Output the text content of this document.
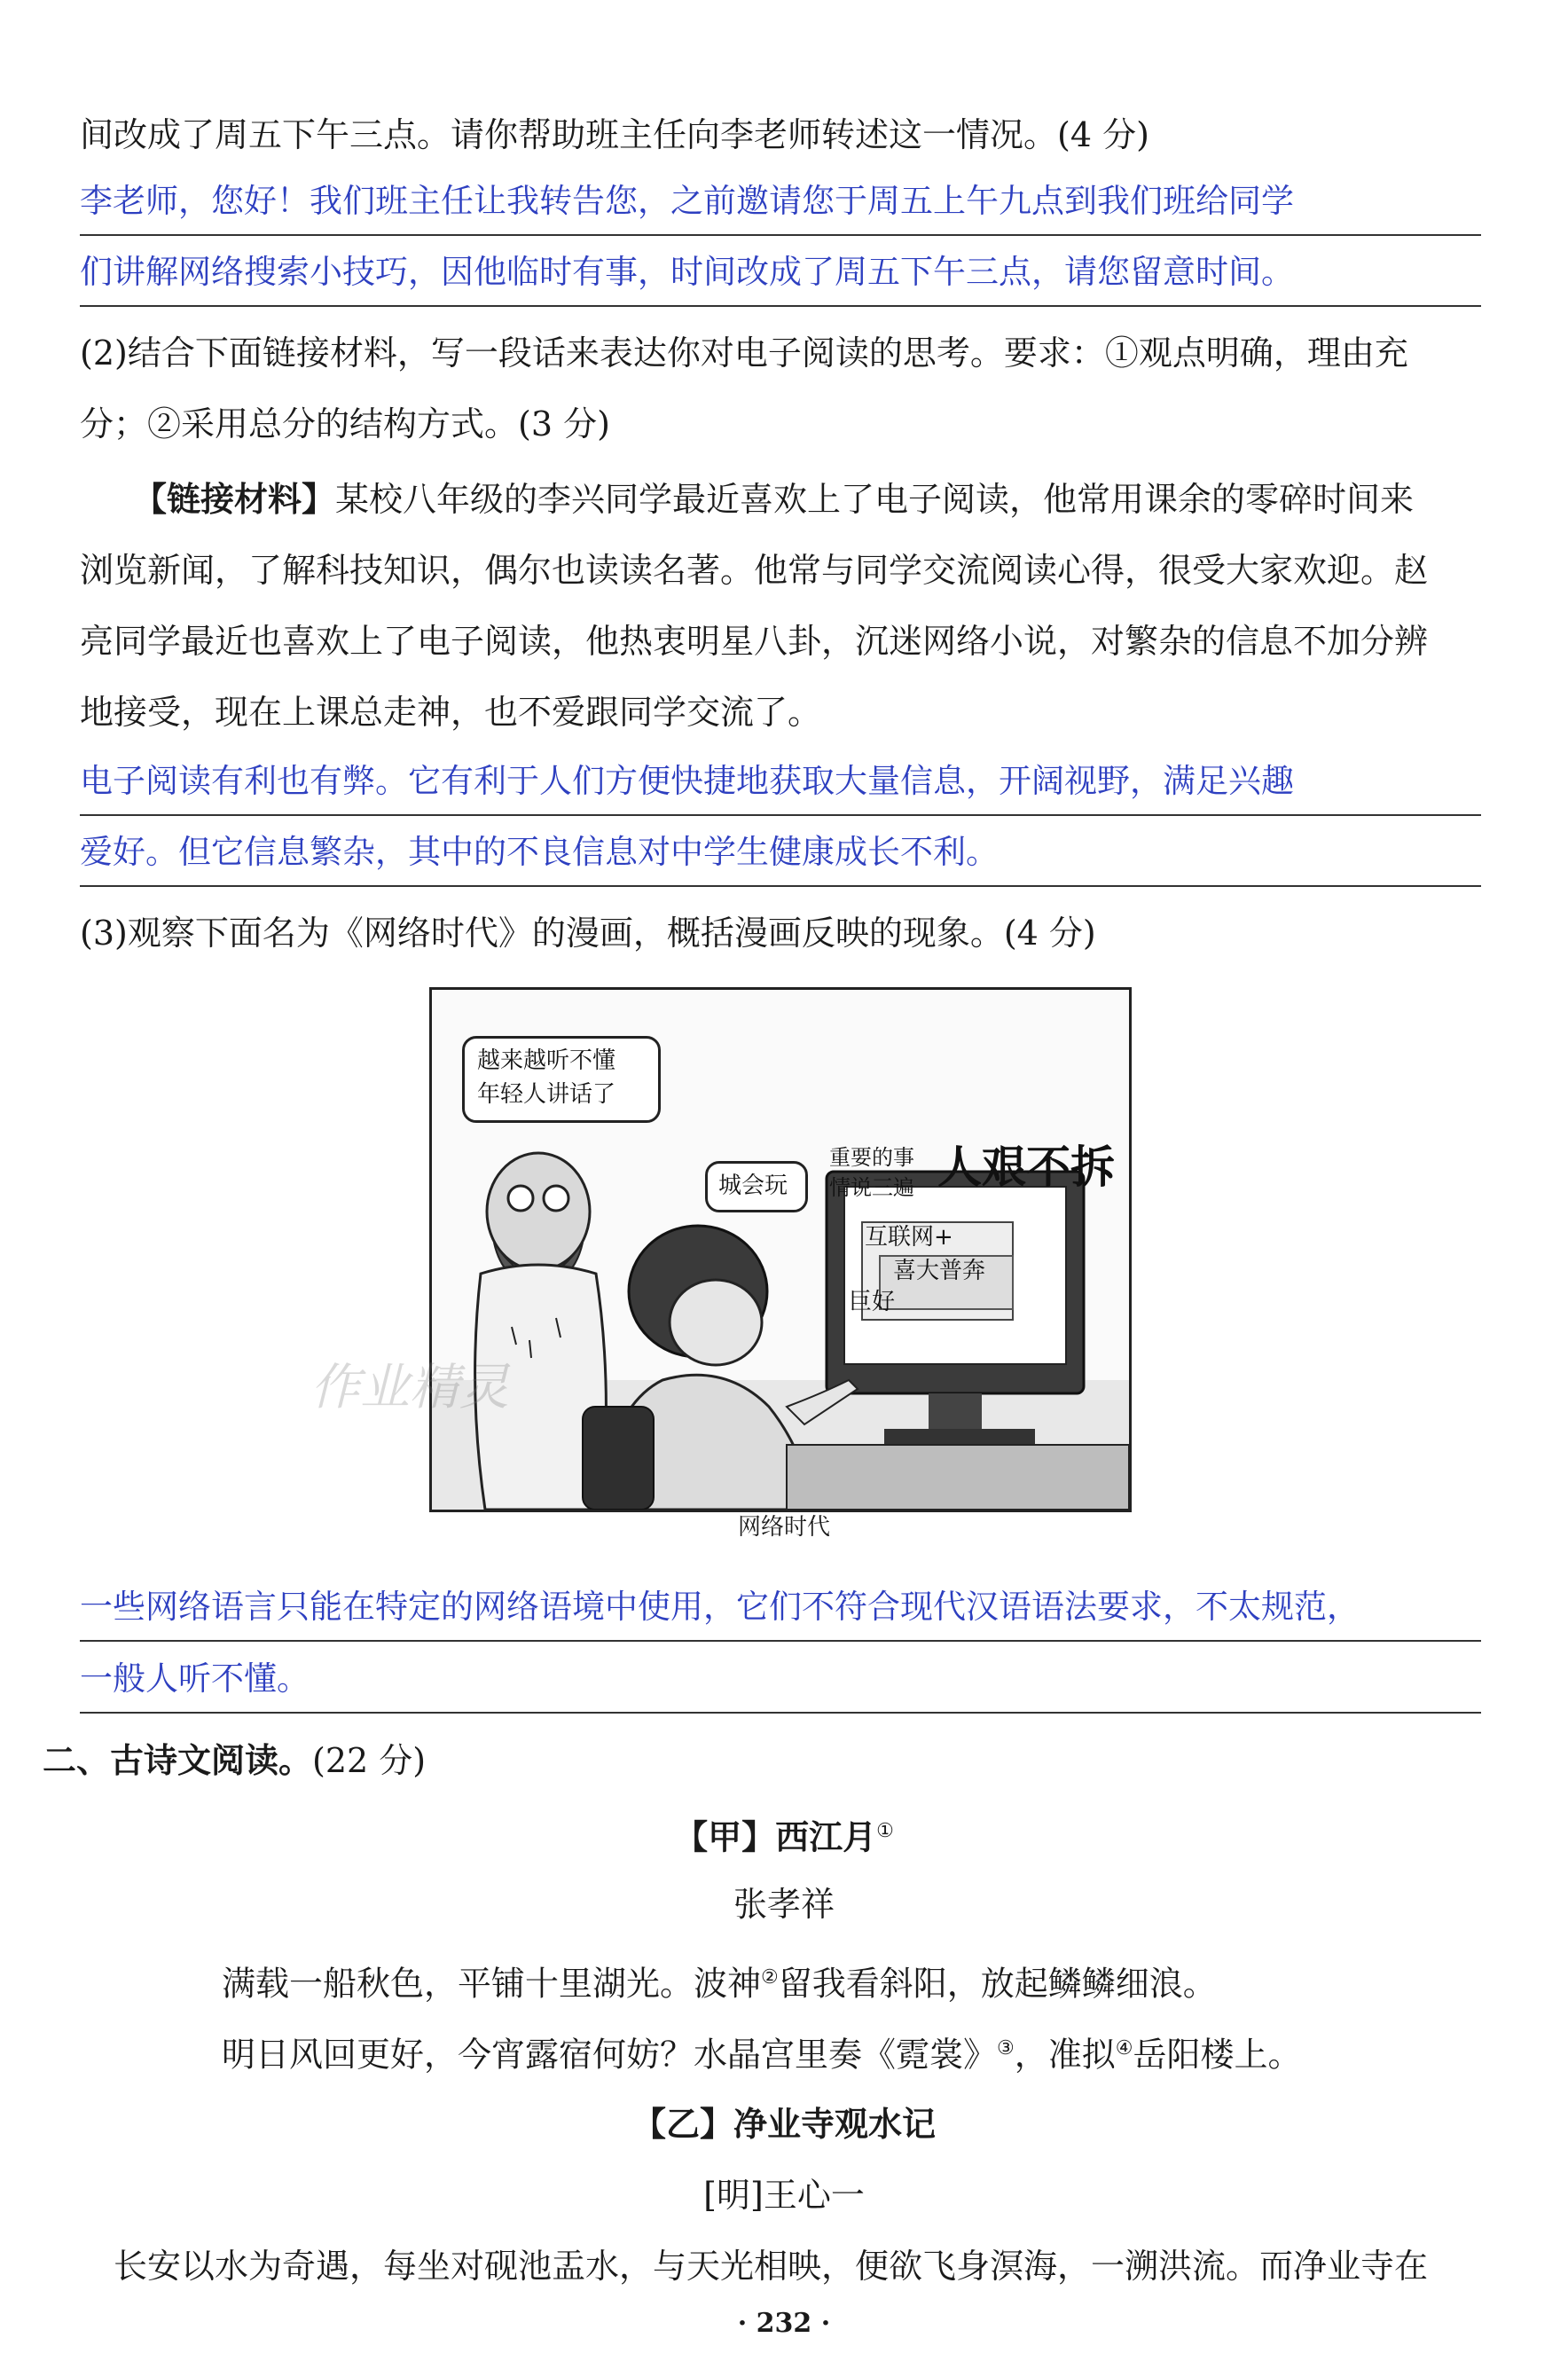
间改成了周五下午三点。请你帮助班主任向李老师转述这一情况。(4 分)
李老师，您好！我们班主任让我转告您，之前邀请您于周五上午九点到我们班给同学
们讲解网络搜索小技巧，因他临时有事，时间改成了周五下午三点，请您留意时间。
(2)结合下面链接材料，写一段话来表达你对电子阅读的思考。要求：①观点明确，理由充
分；②采用总分的结构方式。(3 分)
【链接材料】某校八年级的李兴同学最近喜欢上了电子阅读，他常用课余的零碎时间来
浏览新闻，了解科技知识，偶尔也读读名著。他常与同学交流阅读心得，很受大家欢迎。赵
亮同学最近也喜欢上了电子阅读，他热衷明星八卦，沉迷网络小说，对繁杂的信息不加分辨
地接受，现在上课总走神，也不爱跟同学交流了。
电子阅读有利也有弊。它有利于人们方便快捷地获取大量信息，开阔视野，满足兴趣
爱好。但它信息繁杂，其中的不良信息对中学生健康成长不利。
(3)观察下面名为《网络时代》的漫画，概括漫画反映的现象。(4 分)
越来越听不懂
年轻人讲话了
城会玩
重要的事
情说三遍 人艰不拆
互联网+
喜大普奔
巨好
作业精灵
网络时代
一些网络语言只能在特定的网络语境中使用，它们不符合现代汉语语法要求，不太规范，
一般人听不懂。
二、古诗文阅读。(22 分)
【甲】西江月①
张孝祥
满载一船秋色，平铺十里湖光。波神②留我看斜阳，放起鳞鳞细浪。
明日风回更好，今宵露宿何妨？水晶宫里奏《霓裳》③，准拟④岳阳楼上。
【乙】净业寺观水记
[明]王心一
长安以水为奇遇，每坐对砚池盂水，与天光相映，便欲飞身溟海，一溯洪流。而净业寺在
· 232 ·
